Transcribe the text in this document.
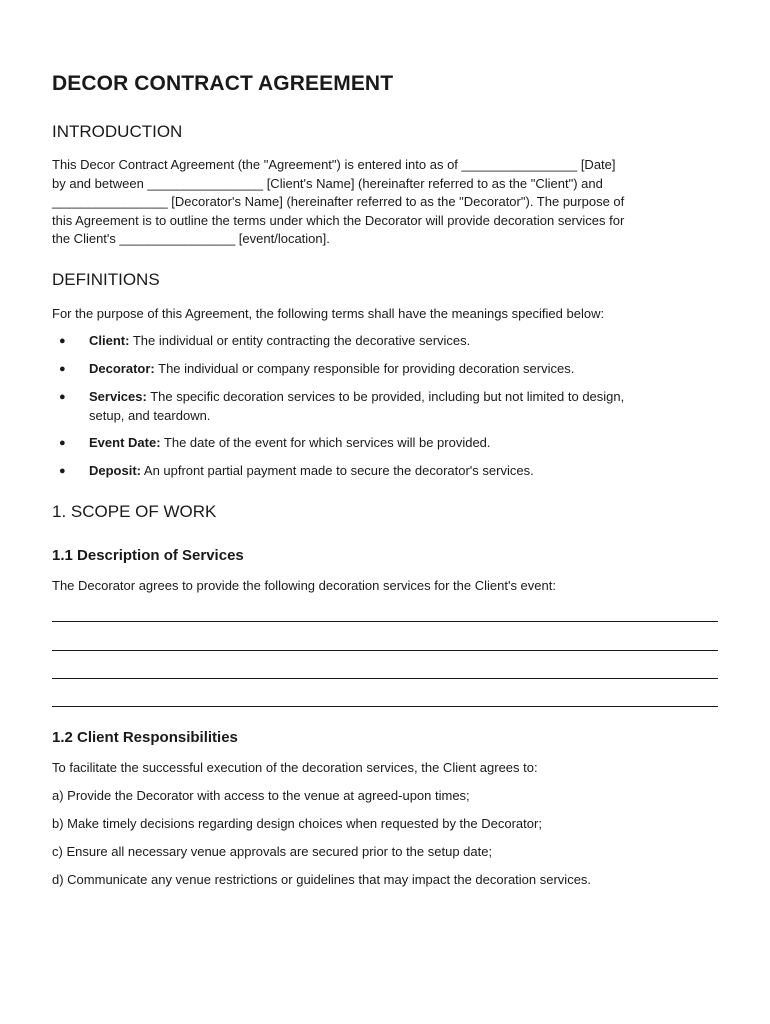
DECOR CONTRACT AGREEMENT
INTRODUCTION

This Decor Contract Agreement (the "Agreement") is entered into as of ________________ [Date]
by and between ________________ [Client's Name] (hereinafter referred to as the "Client") and
________________ [Decorator's Name] (hereinafter referred to as the "Decorator"). The purpose of
this Agreement is to outline the terms under which the Decorator will provide decoration services for
the Client's ________________ [event/location].

DEFINITIONS

For the purpose of this Agreement, the following terms shall have the meanings specified below:

● Client: The individual or entity contracting the decorative services.
● Decorator: The individual or company responsible for providing decoration services.
● Services: The specific decoration services to be provided, including but not limited to design,
setup, and teardown.
● Event Date: The date of the event for which services will be provided.
● Deposit: An upfront partial payment made to secure the decorator's services.
1. SCOPE OF WORK
1.1 Description of Services

The Decorator agrees to provide the following decoration services for the Client's event:

1.2 Client Responsibilities

To facilitate the successful execution of the decoration services, the Client agrees to:

a) Provide the Decorator with access to the venue at agreed-upon times;

b) Make timely decisions regarding design choices when requested by the Decorator;

c) Ensure all necessary venue approvals are secured prior to the setup date;

d) Communicate any venue restrictions or guidelines that may impact the decoration services.
